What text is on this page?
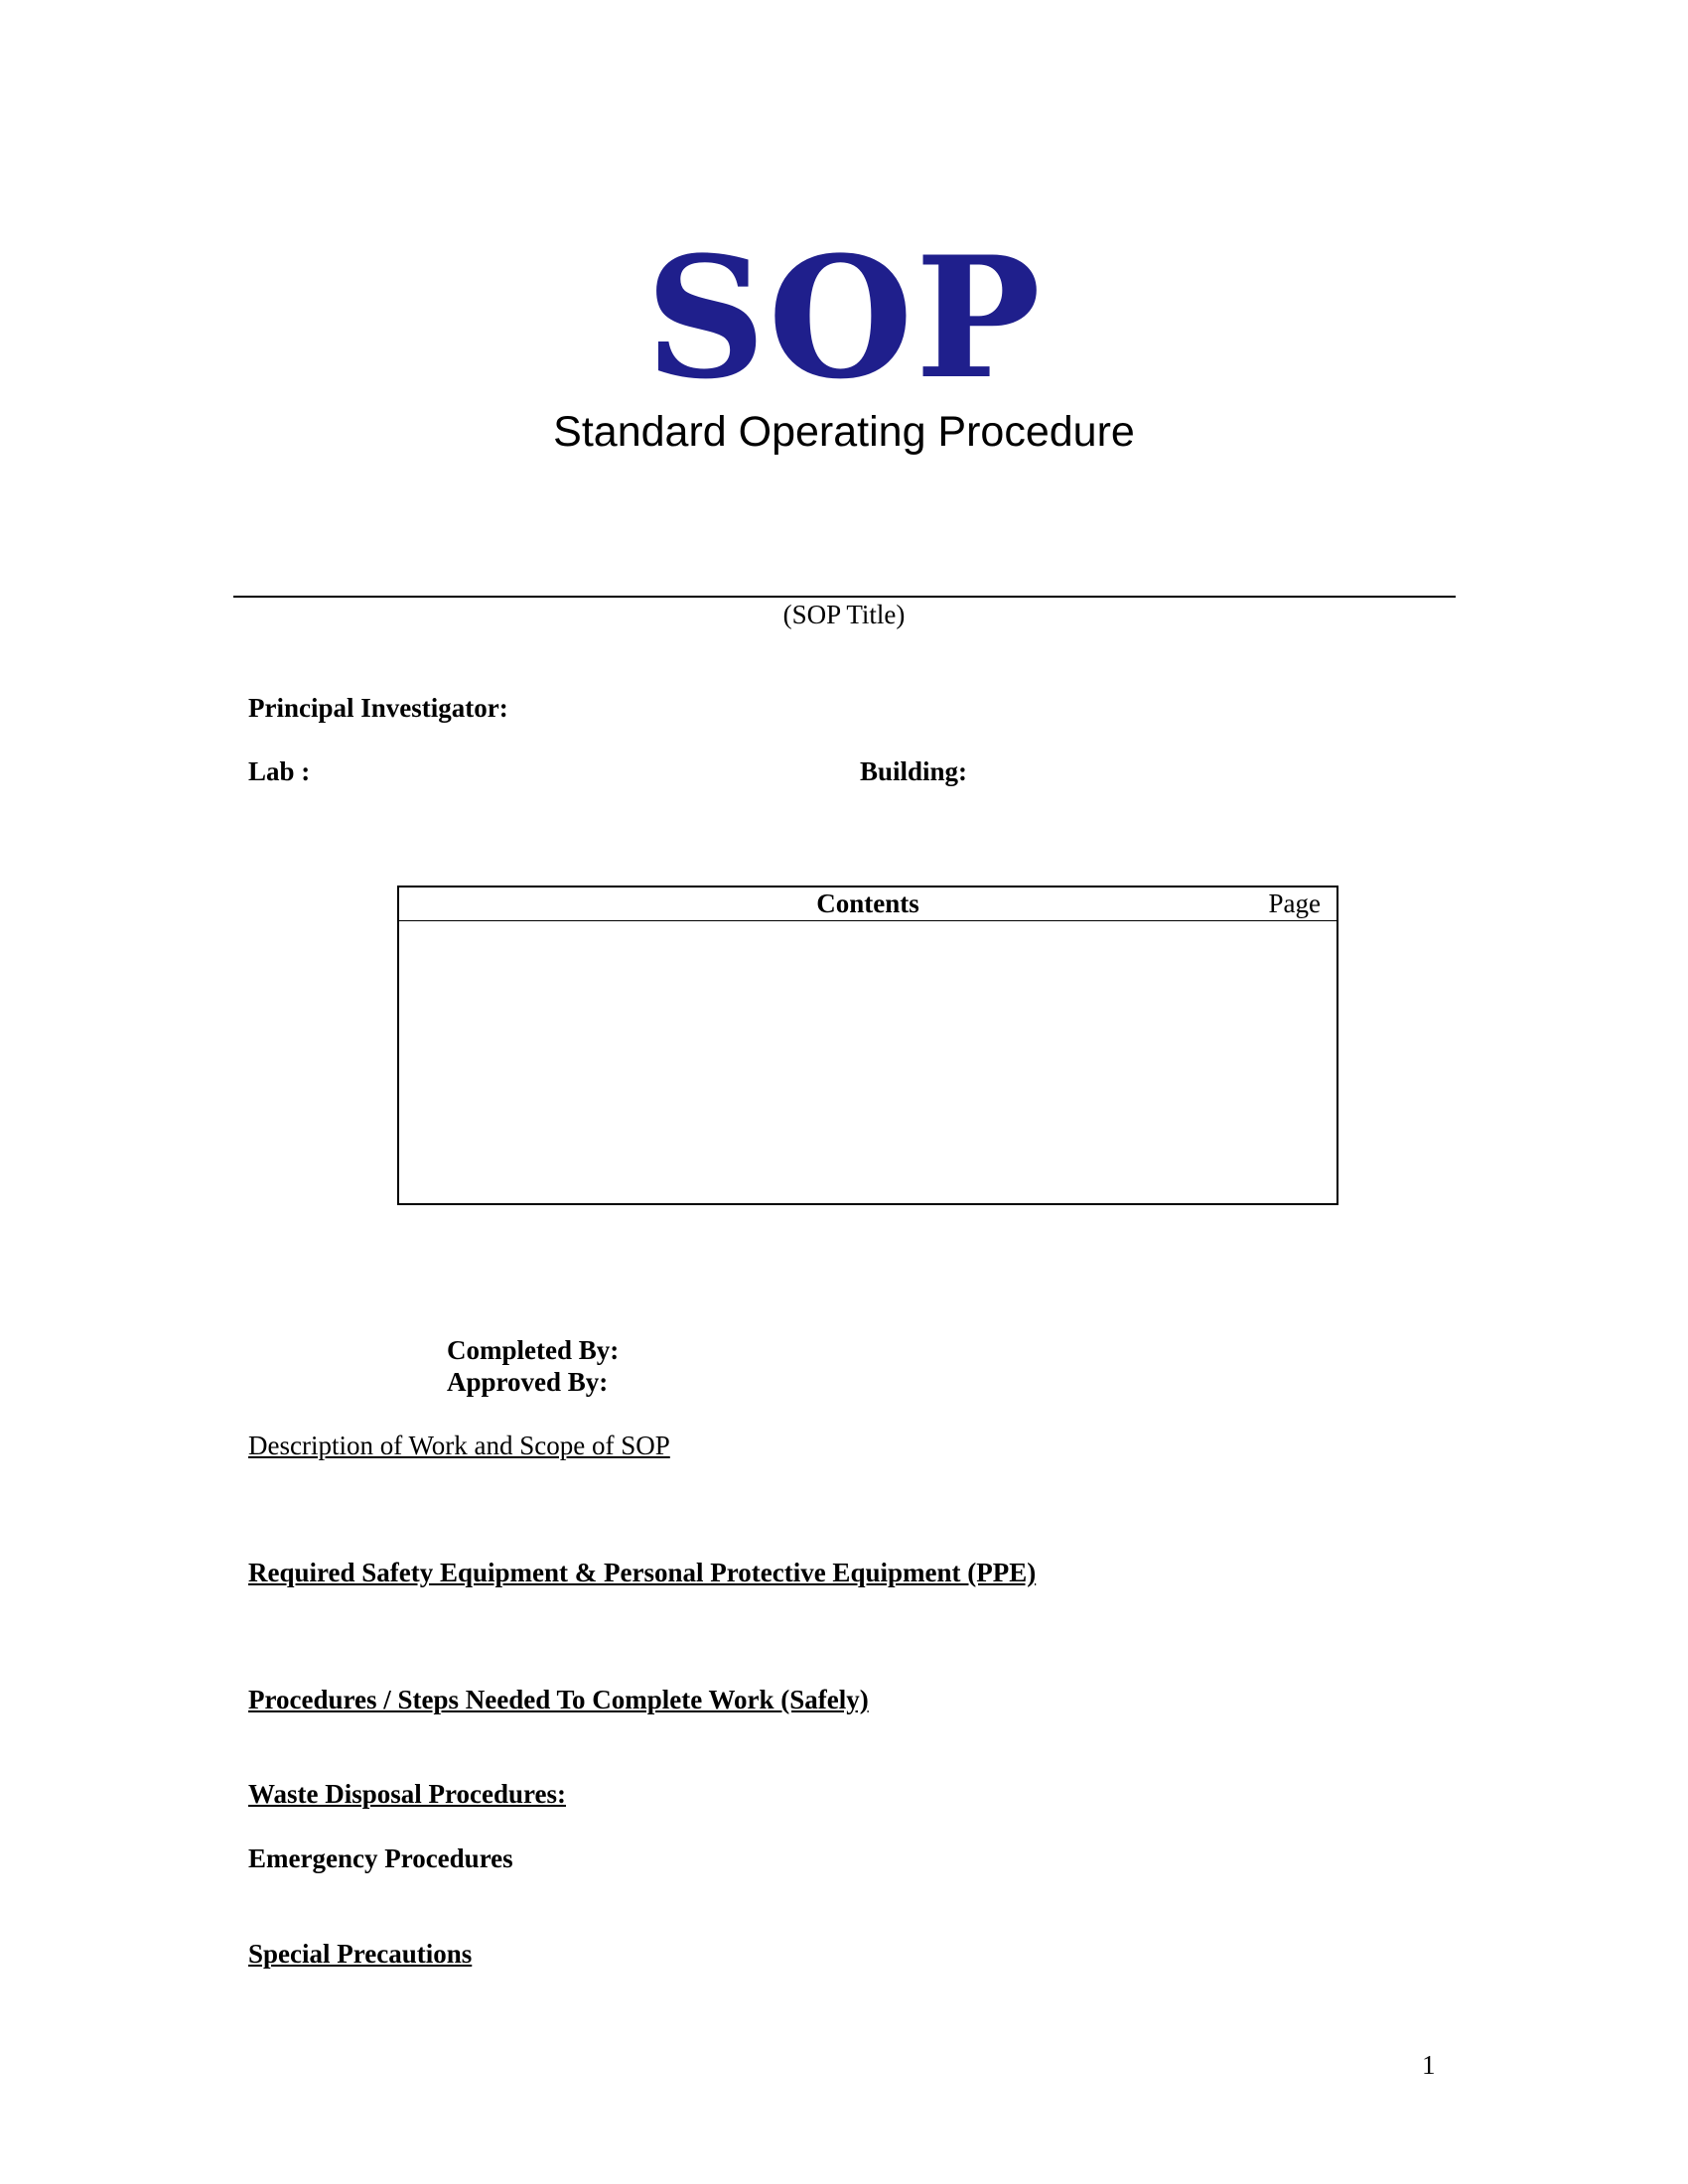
SOP
Standard Operating Procedure
(SOP Title)
Principal Investigator:
Lab :	Building:
Contents	Page
Completed By:
Approved By:
Description of Work and Scope of SOP
Required Safety Equipment & Personal Protective Equipment (PPE)
Procedures / Steps Needed To Complete Work (Safely)
Waste Disposal Procedures:
Emergency Procedures
Special Precautions
1
